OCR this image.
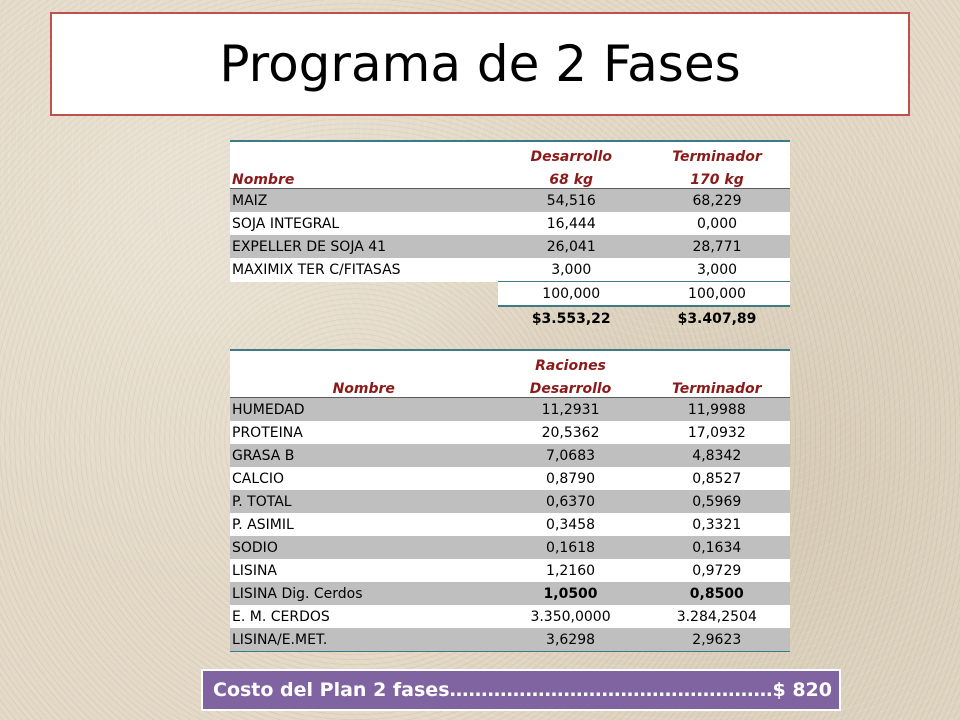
Programa de 2 Fases
	Desarrollo	Terminador
Nombre	68 kg	170 kg
MAIZ	54,516	68,229
SOJA INTEGRAL	16,444	0,000
EXPELLER DE SOJA 41	26,041	28,771
MAXIMIX TER C/FITASAS	3,000	3,000
	100,000	100,000
	$3.553,22	$3.407,89
	Raciones	
Nombre	Desarrollo	Terminador
HUMEDAD	11,2931	11,9988
PROTEINA	20,5362	17,0932
GRASA B	7,0683	4,8342
CALCIO	0,8790	0,8527
P. TOTAL	0,6370	0,5969
P. ASIMIL	0,3458	0,3321
SODIO	0,1618	0,1634
LISINA	1,2160	0,9729
LISINA Dig. Cerdos	1,0500	0,8500
E. M. CERDOS	3.350,0000	3.284,2504
LISINA/E.MET.	3,6298	2,9623
Costo del Plan 2 fases……………………………………………$ 820
